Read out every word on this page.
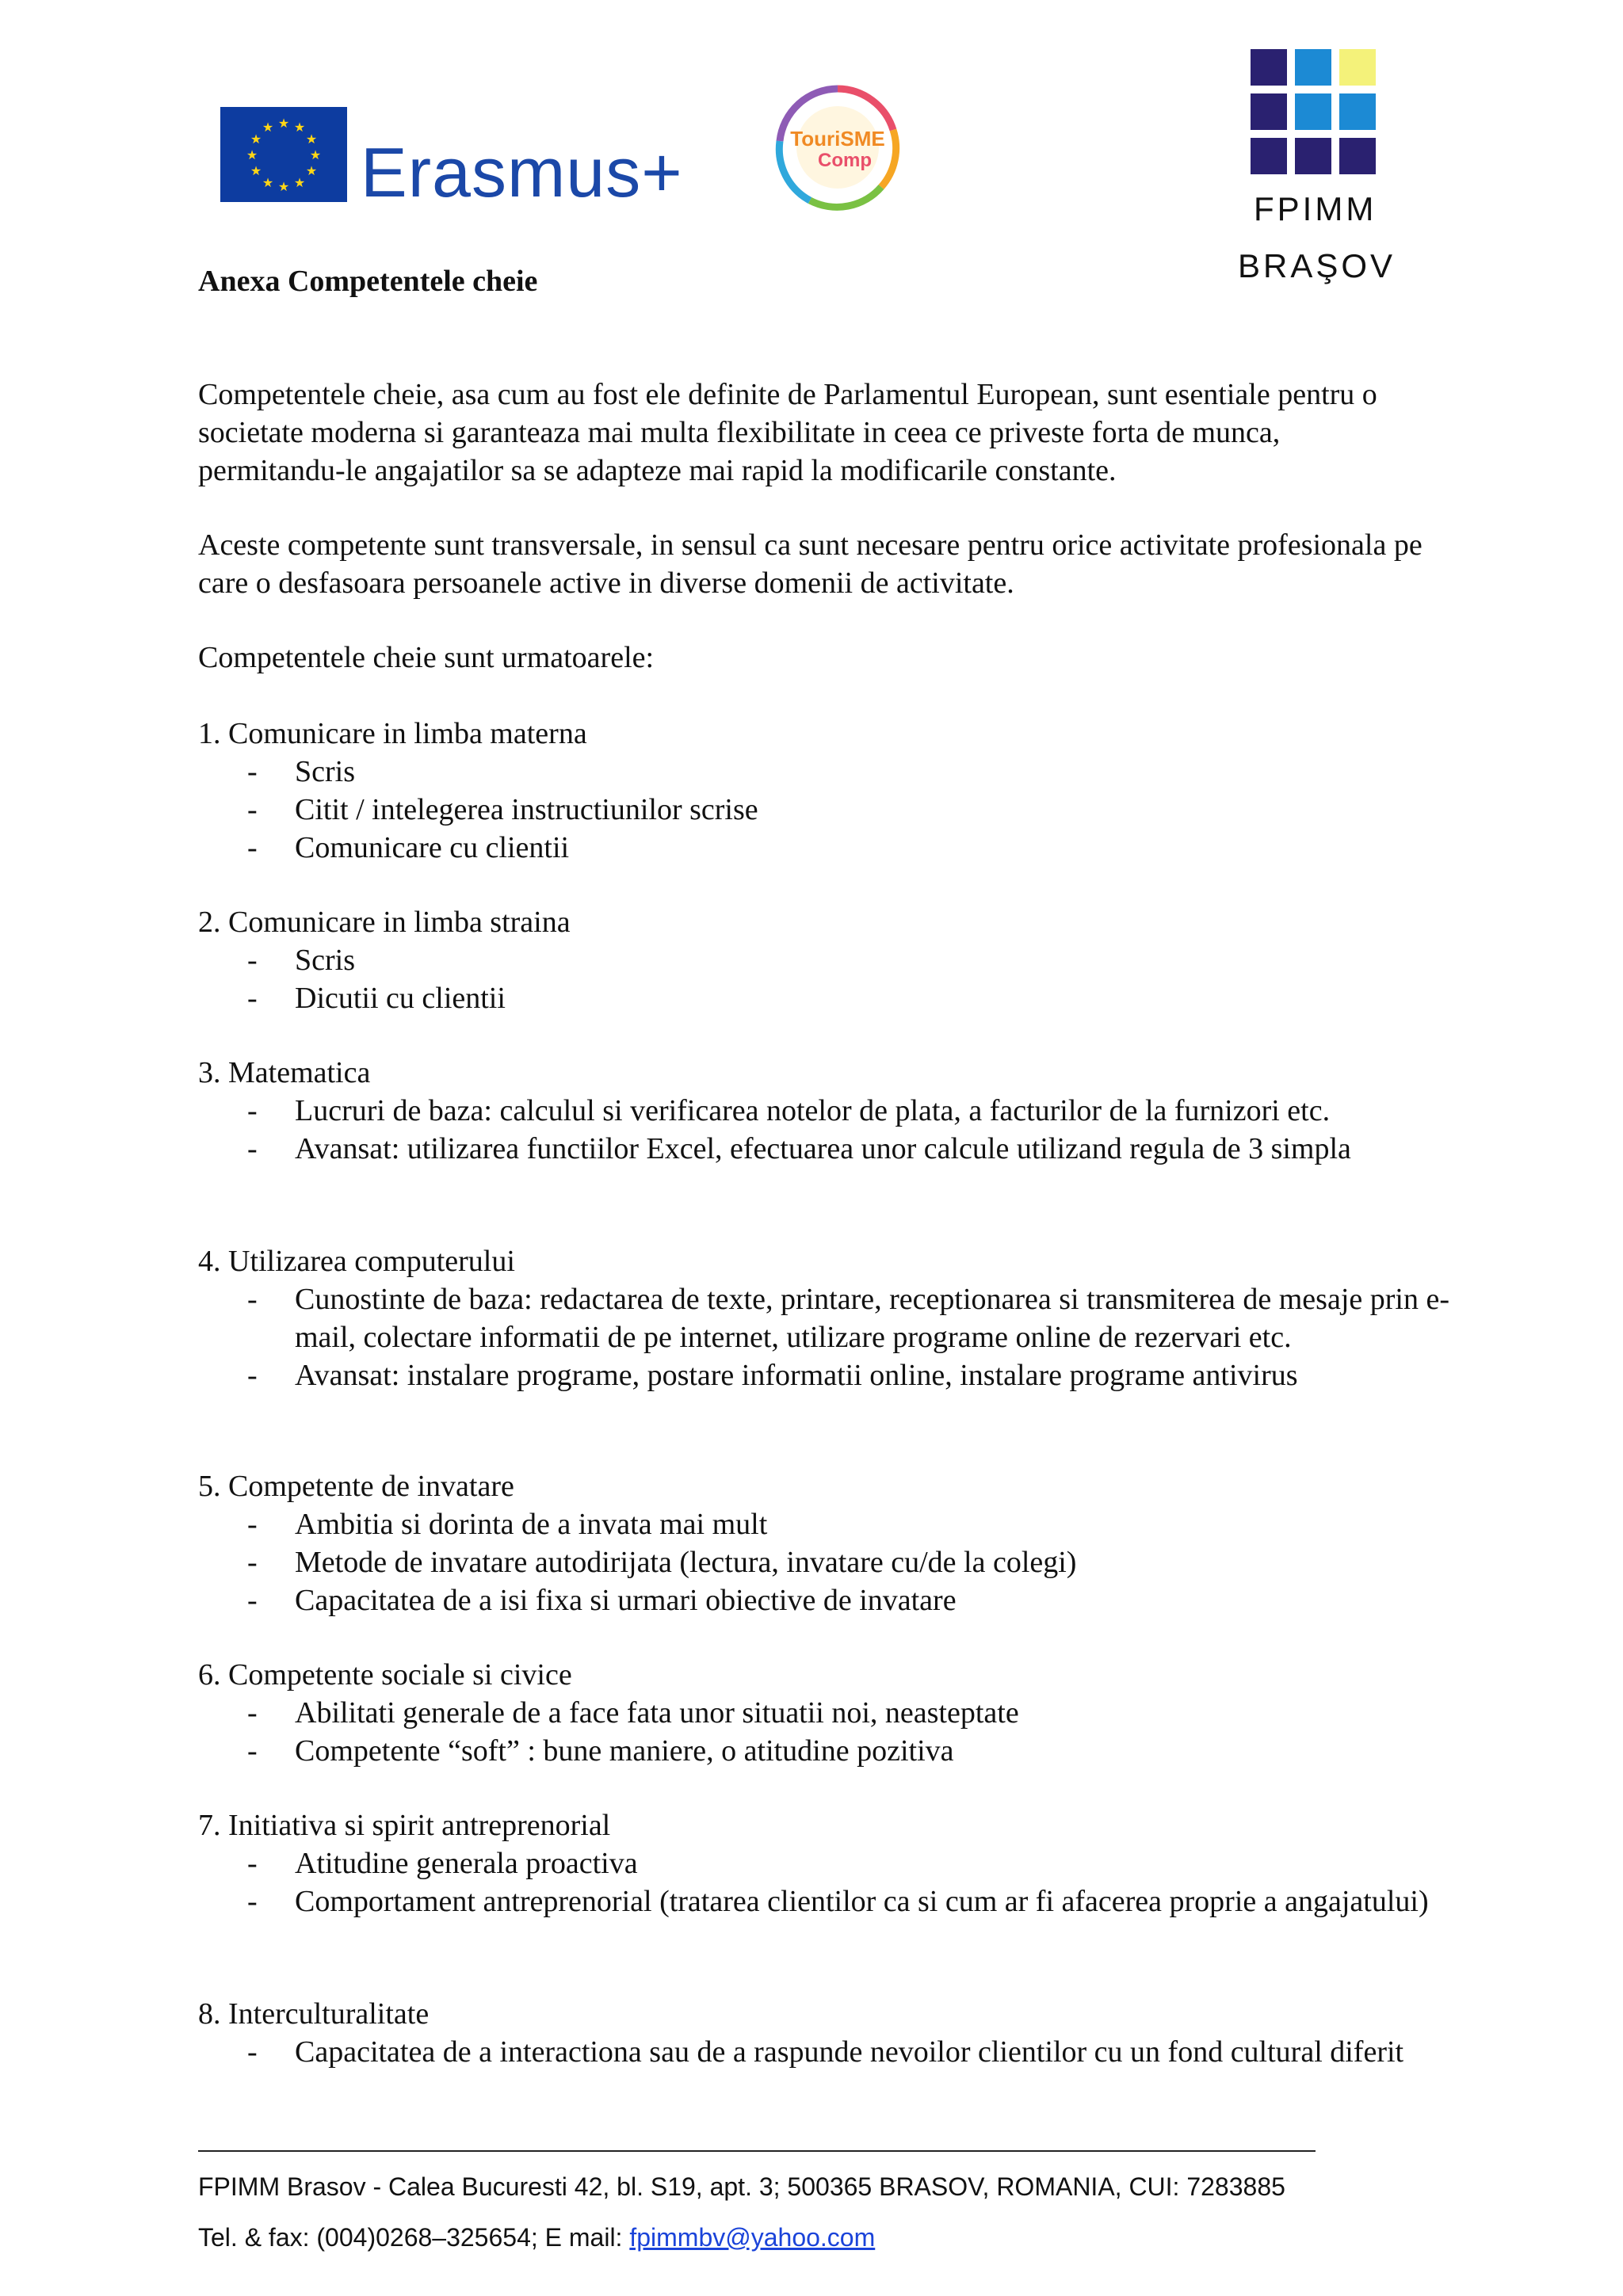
★ ★
★
★
★
★
★
★
★
★
★
★
Erasmus+	TouriSME
Comp
FPIMM
BRAŞOV
Anexa Competentele cheie

Competentele cheie, asa cum au fost ele definite de Parlamentul European, sunt esentiale pentru o societate moderna si garanteaza mai multa flexibilitate in ceea ce priveste forta de munca, permitandu-le angajatilor sa se adapteze mai rapid la modificarile constante.

Aceste competente sunt transversale, in sensul ca sunt necesare pentru orice activitate profesionala pe care o desfasoara persoanele active in diverse domenii de activitate.

Competentele cheie sunt urmatoarele:

1. Comunicare in limba materna

- Scris
- Citit / intelegerea instructiunilor scrise
- Comunicare cu clientii

2. Comunicare in limba straina

- Scris
- Dicutii cu clientii

3. Matematica

- Lucruri de baza: calculul si verificarea notelor de plata, a facturilor de la furnizori etc.
- Avansat: utilizarea functiilor Excel, efectuarea unor calcule utilizand regula de 3 simpla

4. Utilizarea computerului

- Cunostinte de baza: redactarea de texte, printare, receptionarea si transmiterea de mesaje prin e-mail, colectare informatii de pe internet, utilizare programe online de rezervari etc.
- Avansat: instalare programe, postare informatii online, instalare programe antivirus

5. Competente de invatare

- Ambitia si dorinta de a invata mai mult
- Metode de invatare autodirijata (lectura, invatare cu/de la colegi)
- Capacitatea de a isi fixa si urmari obiective de invatare

6. Competente sociale si civice

- Abilitati generale de a face fata unor situatii noi, neasteptate
- Competente “soft” : bune maniere, o atitudine pozitiva

7. Initiativa si spirit antreprenorial

- Atitudine generala proactiva
- Comportament antreprenorial (tratarea clientilor ca si cum ar fi afacerea proprie a angajatului)

8. Interculturalitate

- Capacitatea de a interactiona sau de a raspunde nevoilor clientilor cu un fond cultural diferit
FPIMM Brasov - Calea Bucuresti 42, bl. S19, apt. 3; 500365 BRASOV, ROMANIA, CUI: 7283885
Tel. & fax: (004)0268–325654; E mail: fpimmbv@yahoo.com
